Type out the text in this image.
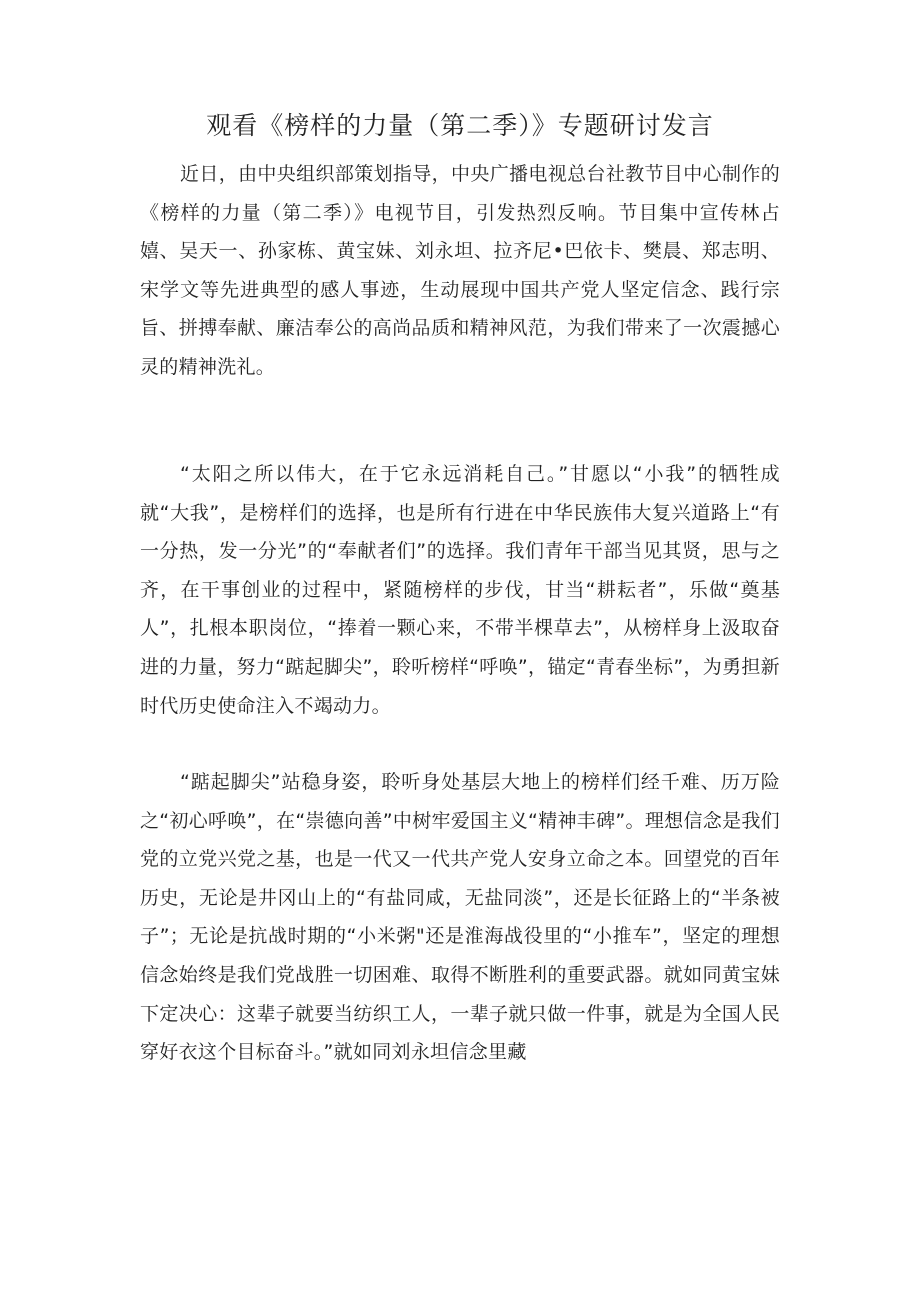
观看《榜样的力量（第二季）》专题研讨发言

近日，由中央组织部策划指导，中央广播电视总台社教节目中心制作的《榜样的力量（第二季）》电视节目，引发热烈反响。节目集中宣传林占嬉、吴天一、孙家栋、黄宝妹、刘永坦、拉齐尼•巴依卡、樊晨、郑志明、宋学文等先进典型的感人事迹，生动展现中国共产党人坚定信念、践行宗旨、拼搏奉献、廉洁奉公的高尚品质和精神风范，为我们带来了一次震撼心灵的精神洗礼。

“太阳之所以伟大，在于它永远消耗自己。”甘愿以“小我”的牺牲成就“大我”，是榜样们的选择，也是所有行进在中华民族伟大复兴道路上“有一分热，发一分光”的“奉献者们”的选择。我们青年干部当见其贤，思与之齐，在干事创业的过程中，紧随榜样的步伐，甘当“耕耘者”，乐做“奠基人”，扎根本职岗位，“捧着一颗心来，不带半棵草去”，从榜样身上汲取奋进的力量，努力“踮起脚尖”，聆听榜样“呼唤”，锚定“青春坐标”，为勇担新时代历史使命注入不竭动力。

“踮起脚尖”站稳身姿，聆听身处基层大地上的榜样们经千难、历万险之“初心呼唤”，在“崇德向善”中树牢爱国主义“精神丰碑”。理想信念是我们党的立党兴党之基，也是一代又一代共产党人安身立命之本。回望党的百年历史，无论是井冈山上的“有盐同咸，无盐同淡”，还是长征路上的“半条被子”；无论是抗战时期的“小米粥"还是淮海战役里的“小推车”，坚定的理想信念始终是我们党战胜一切困难、取得不断胜利的重要武器。就如同黄宝妹下定决心：这辈子就要当纺织工人，一辈子就只做一件事，就是为全国人民穿好衣这个目标奋斗。”就如同刘永坦信念里藏
